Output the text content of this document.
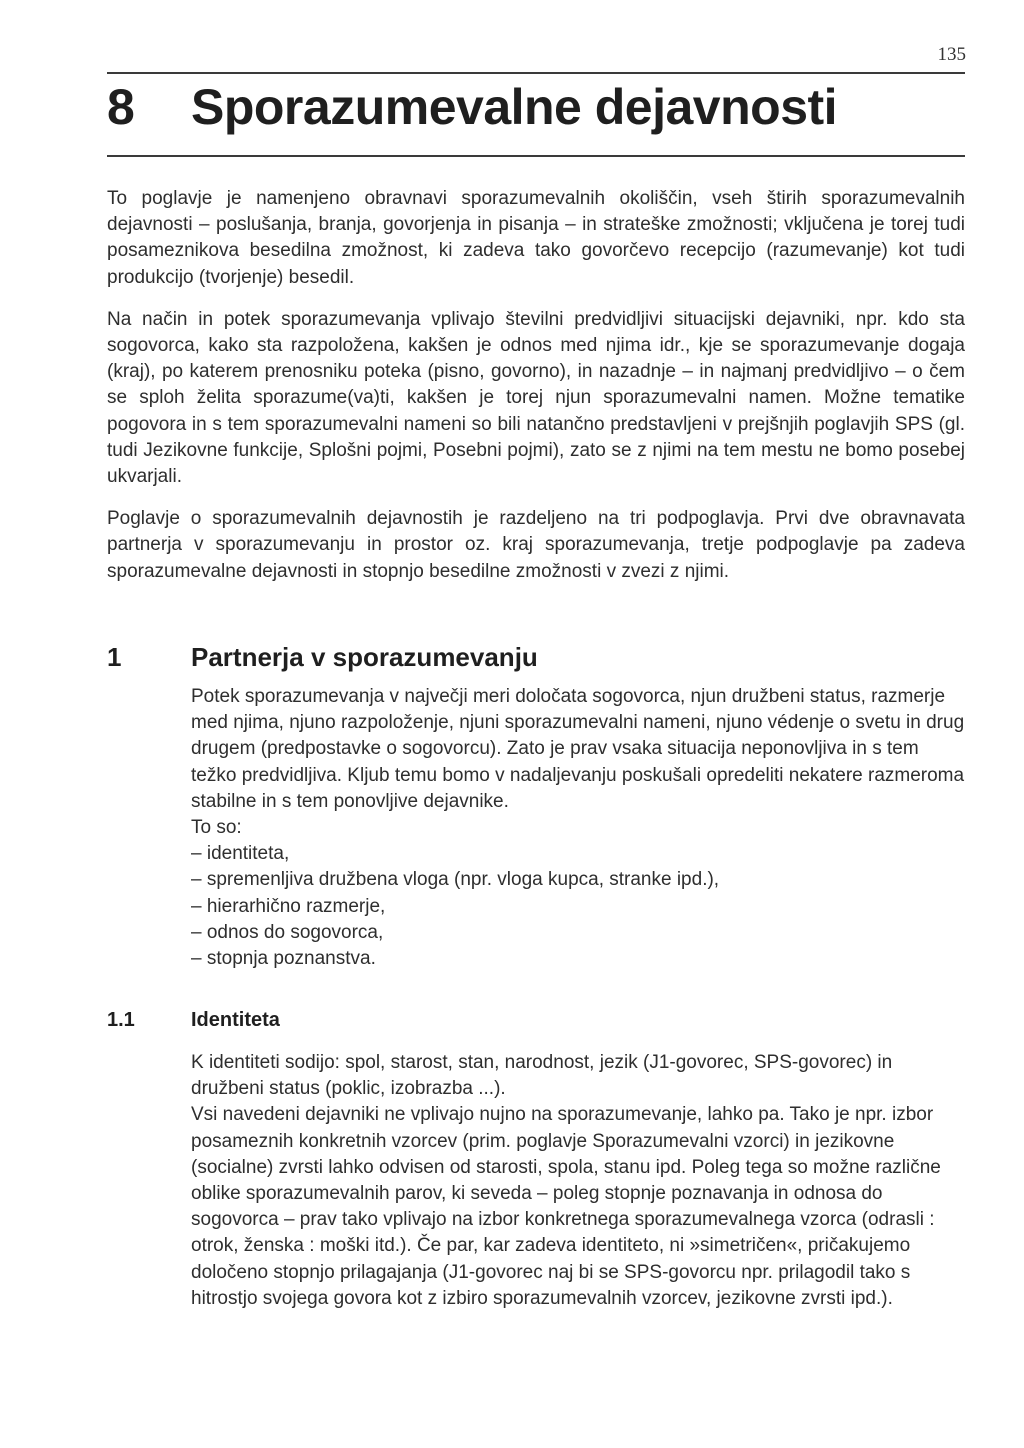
135
8 Sporazumevalne dejavnosti

To poglavje je namenjeno obravnavi sporazumevalnih okoliščin, vseh štirih sporazumevalnih dejavnosti – poslušanja, branja, govorjenja in pisanja – in strateške zmožnosti; vključena je torej tudi posameznikova besedilna zmožnost, ki zadeva tako govorčevo recepcijo (razumevanje) kot tudi produkcijo (tvorjenje) besedil.

Na način in potek sporazumevanja vplivajo številni predvidljivi situacijski dejavniki, npr. kdo sta sogovorca, kako sta razpoložena, kakšen je odnos med njima idr., kje se sporazumevanje dogaja (kraj), po katerem prenosniku poteka (pisno, govorno), in nazadnje – in najmanj predvidljivo – o čem se sploh želita sporazume(va)ti, kakšen je torej njun sporazumevalni namen. Možne tematike pogovora in s tem sporazumevalni nameni so bili natančno predstavljeni v prejšnjih poglavjih SPS (gl. tudi Jezikovne funkcije, Splošni pojmi, Posebni pojmi), zato se z njimi na tem mestu ne bomo posebej ukvarjali.

Poglavje o sporazumevalnih dejavnostih je razdeljeno na tri podpoglavja. Prvi dve obravnavata partnerja v sporazumevanju in prostor oz. kraj sporazumevanja, tretje podpoglavje pa zadeva sporazumevalne dejavnosti in stopnjo besedilne zmožnosti v zvezi z njimi.

1	Partnerja v sporazumevanju

Potek sporazumevanja v največji meri določata sogovorca, njun družbeni status, razmerje med njima, njuno razpoloženje, njuni sporazumevalni nameni, njuno védenje o svetu in drug drugem (predpostavke o sogovorcu). Zato je prav vsaka situacija neponovljiva in s tem težko predvidljiva. Kljub temu bomo v nadaljevanju poskušali opredeliti nekatere razmeroma stabilne in s tem ponovljive dejavnike.

To so:

– identiteta,
– spremenljiva družbena vloga (npr. vloga kupca, stranke ipd.),
– hierarhično razmerje,
– odnos do sogovorca,
– stopnja poznanstva.
1.1	Identiteta

K identiteti sodijo: spol, starost, stan, narodnost, jezik (J1-govorec, SPS-govorec) in družbeni status (poklic, izobrazba ...).

Vsi navedeni dejavniki ne vplivajo nujno na sporazumevanje, lahko pa. Tako je npr. izbor posameznih konkretnih vzorcev (prim. poglavje Sporazumevalni vzorci) in jezikovne (socialne) zvrsti lahko odvisen od starosti, spola, stanu ipd. Poleg tega so možne različne oblike sporazumevalnih parov, ki seveda – poleg stopnje poznavanja in odnosa do sogovorca – prav tako vplivajo na izbor konkretnega sporazumevalnega vzorca (odrasli : otrok, ženska : moški itd.). Če par, kar zadeva identiteto, ni »simetričen«, pričakujemo določeno stopnjo prilagajanja (J1-govorec naj bi se SPS-govorcu npr. prilagodil tako s hitrostjo svojega govora kot z izbiro sporazumevalnih vzorcev, jezikovne zvrsti ipd.).
